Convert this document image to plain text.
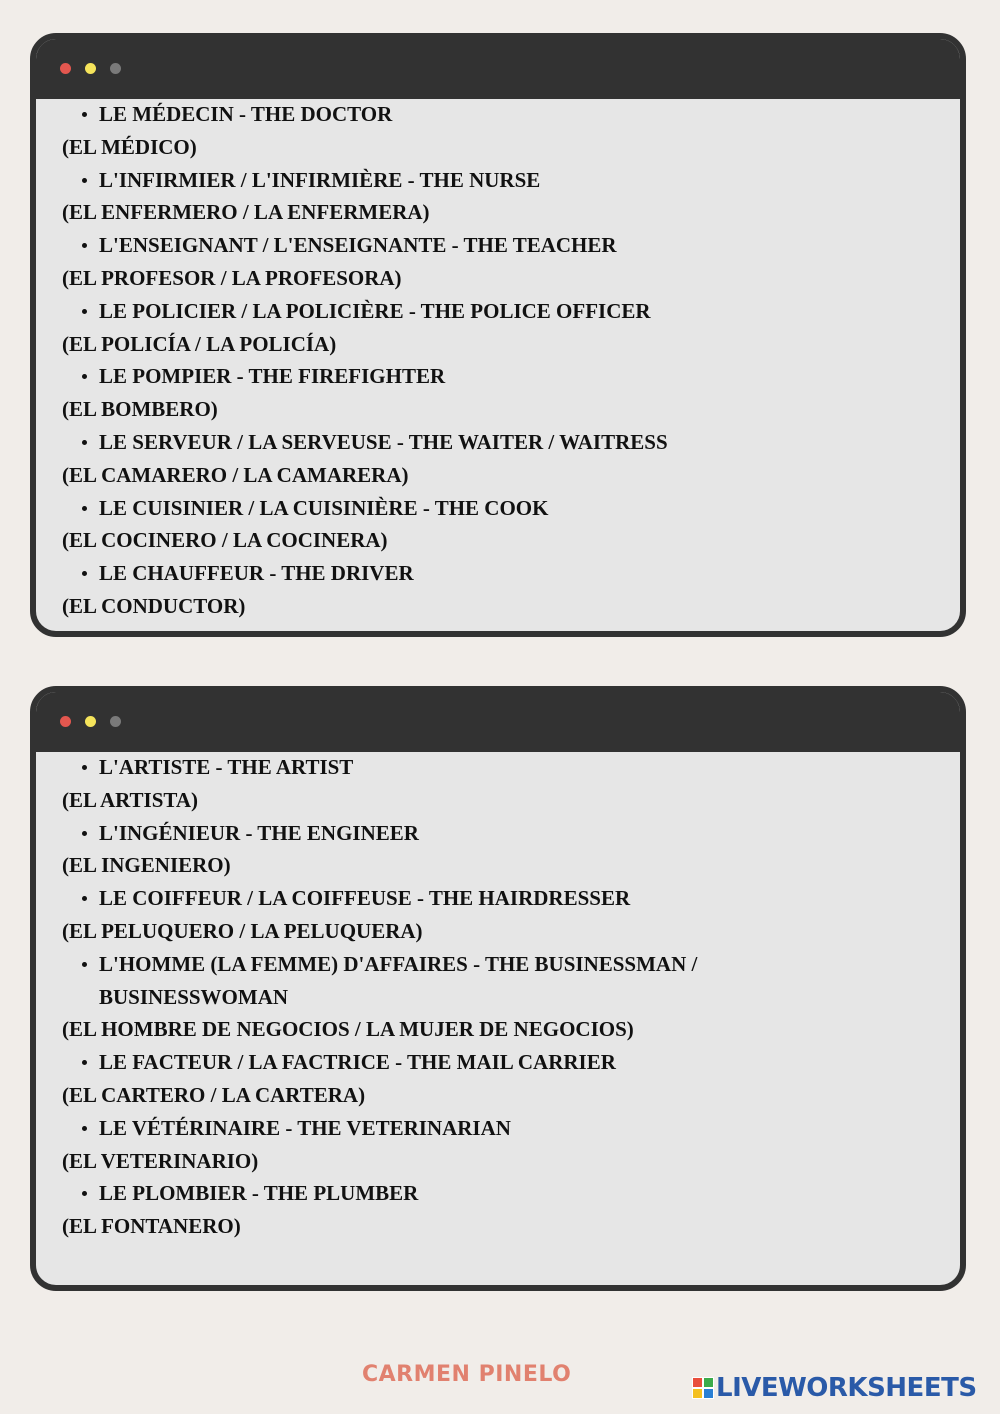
LE MÉDECIN - THE DOCTOR
(EL MÉDICO)
L'INFIRMIER / L'INFIRMIÈRE - THE NURSE
(EL ENFERMERO / LA ENFERMERA)
L'ENSEIGNANT / L'ENSEIGNANTE - THE TEACHER
(EL PROFESOR / LA PROFESORA)
LE POLICIER / LA POLICIÈRE - THE POLICE OFFICER
(EL POLICÍA / LA POLICÍA)
LE POMPIER - THE FIREFIGHTER
(EL BOMBERO)
LE SERVEUR / LA SERVEUSE - THE WAITER / WAITRESS
(EL CAMARERO / LA CAMARERA)
LE CUISINIER / LA CUISINIÈRE - THE COOK
(EL COCINERO / LA COCINERA)
LE CHAUFFEUR - THE DRIVER
(EL CONDUCTOR)
L'ARTISTE - THE ARTIST
(EL ARTISTA)
L'INGÉNIEUR - THE ENGINEER
(EL INGENIERO)
LE COIFFEUR / LA COIFFEUSE - THE HAIRDRESSER
(EL PELUQUERO / LA PELUQUERA)
L'HOMME (LA FEMME) D'AFFAIRES - THE BUSINESSMAN / BUSINESSWOMAN
(EL HOMBRE DE NEGOCIOS / LA MUJER DE NEGOCIOS)
LE FACTEUR / LA FACTRICE - THE MAIL CARRIER
(EL CARTERO / LA CARTERA)
LE VÉTÉRINAIRE - THE VETERINARIAN
(EL VETERINARIO)
LE PLOMBIER - THE PLUMBER
(EL FONTANERO)
CARMEN PINELO	LIVEWORKSHEETS
